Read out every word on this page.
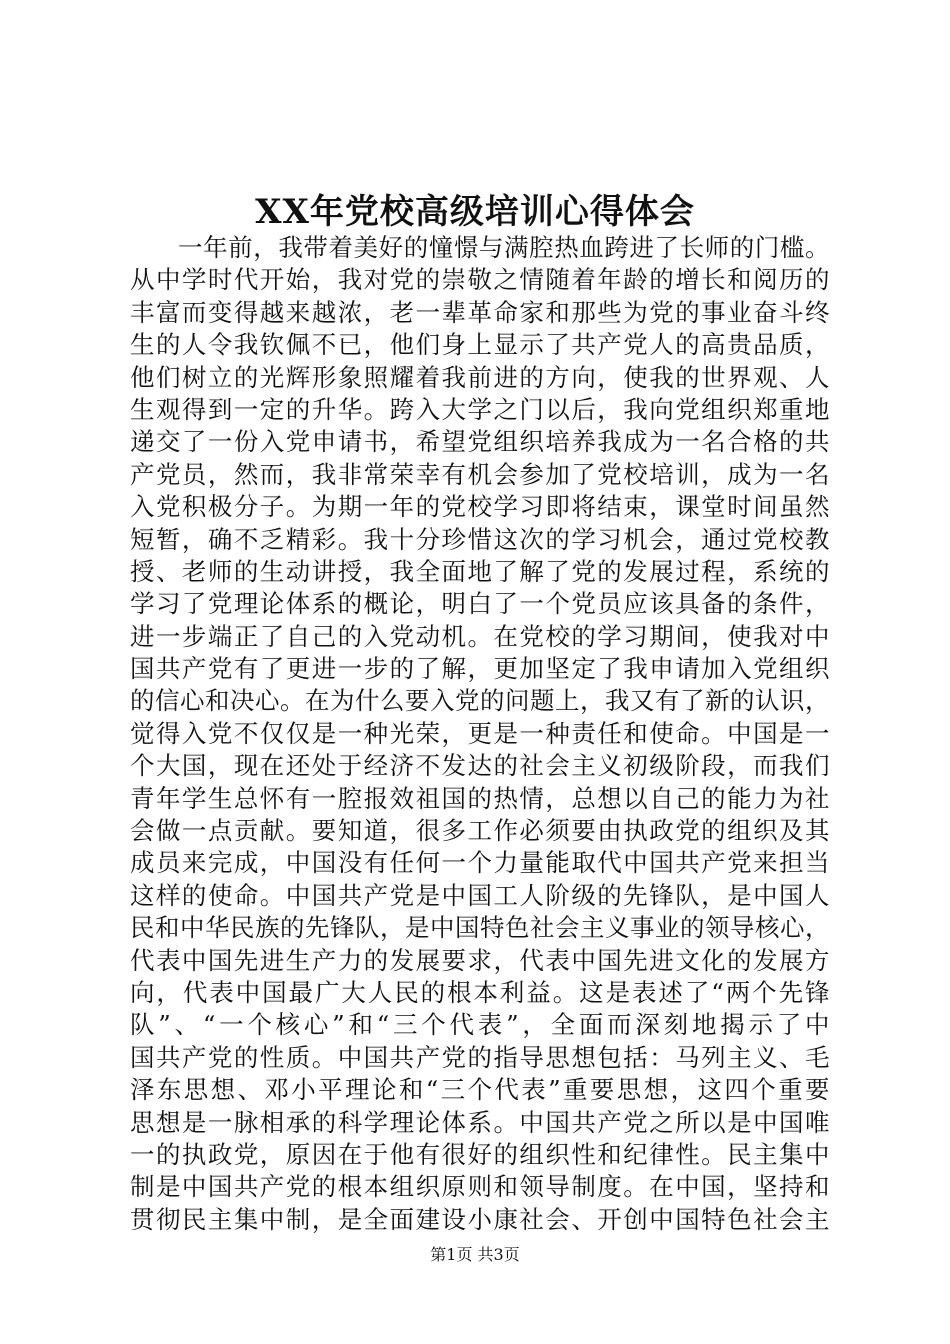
XX年党校高级培训心得体会
一年前，我带着美好的憧憬与满腔热血跨进了长师的门槛。
从中学时代开始，我对党的崇敬之情随着年龄的增长和阅历的
丰富而变得越来越浓，老一辈革命家和那些为党的事业奋斗终
生的人令我钦佩不已，他们身上显示了共产党人的高贵品质，
他们树立的光辉形象照耀着我前进的方向，使我的世界观、人
生观得到一定的升华。跨入大学之门以后，我向党组织郑重地
递交了一份入党申请书，希望党组织培养我成为一名合格的共
产党员，然而，我非常荣幸有机会参加了党校培训，成为一名
入党积极分子。为期一年的党校学习即将结束，课堂时间虽然
短暂，确不乏精彩。我十分珍惜这次的学习机会，通过党校教
授、老师的生动讲授，我全面地了解了党的发展过程，系统的
学习了党理论体系的概论，明白了一个党员应该具备的条件，
进一步端正了自己的入党动机。在党校的学习期间，使我对中
国共产党有了更进一步的了解，更加坚定了我申请加入党组织
的信心和决心。在为什么要入党的问题上，我又有了新的认识，
觉得入党不仅仅是一种光荣，更是一种责任和使命。中国是一
个大国，现在还处于经济不发达的社会主义初级阶段，而我们
青年学生总怀有一腔报效祖国的热情，总想以自己的能力为社
会做一点贡献。要知道，很多工作必须要由执政党的组织及其
成员来完成，中国没有任何一个力量能取代中国共产党来担当
这样的使命。中国共产党是中国工人阶级的先锋队，是中国人
民和中华民族的先锋队，是中国特色社会主义事业的领导核心，
代表中国先进生产力的发展要求，代表中国先进文化的发展方
向，代表中国最广大人民的根本利益。这是表述了“两个先锋
队”、“一个核心”和“三个代表”，全面而深刻地揭示了中
国共产党的性质。中国共产党的指导思想包括：马列主义、毛
泽东思想、邓小平理论和“三个代表”重要思想，这四个重要
思想是一脉相承的科学理论体系。中国共产党之所以是中国唯
一的执政党，原因在于他有很好的组织性和纪律性。民主集中
制是中国共产党的根本组织原则和领导制度。在中国，坚持和
贯彻民主集中制，是全面建设小康社会、开创中国特色社会主
第1页 共3页
